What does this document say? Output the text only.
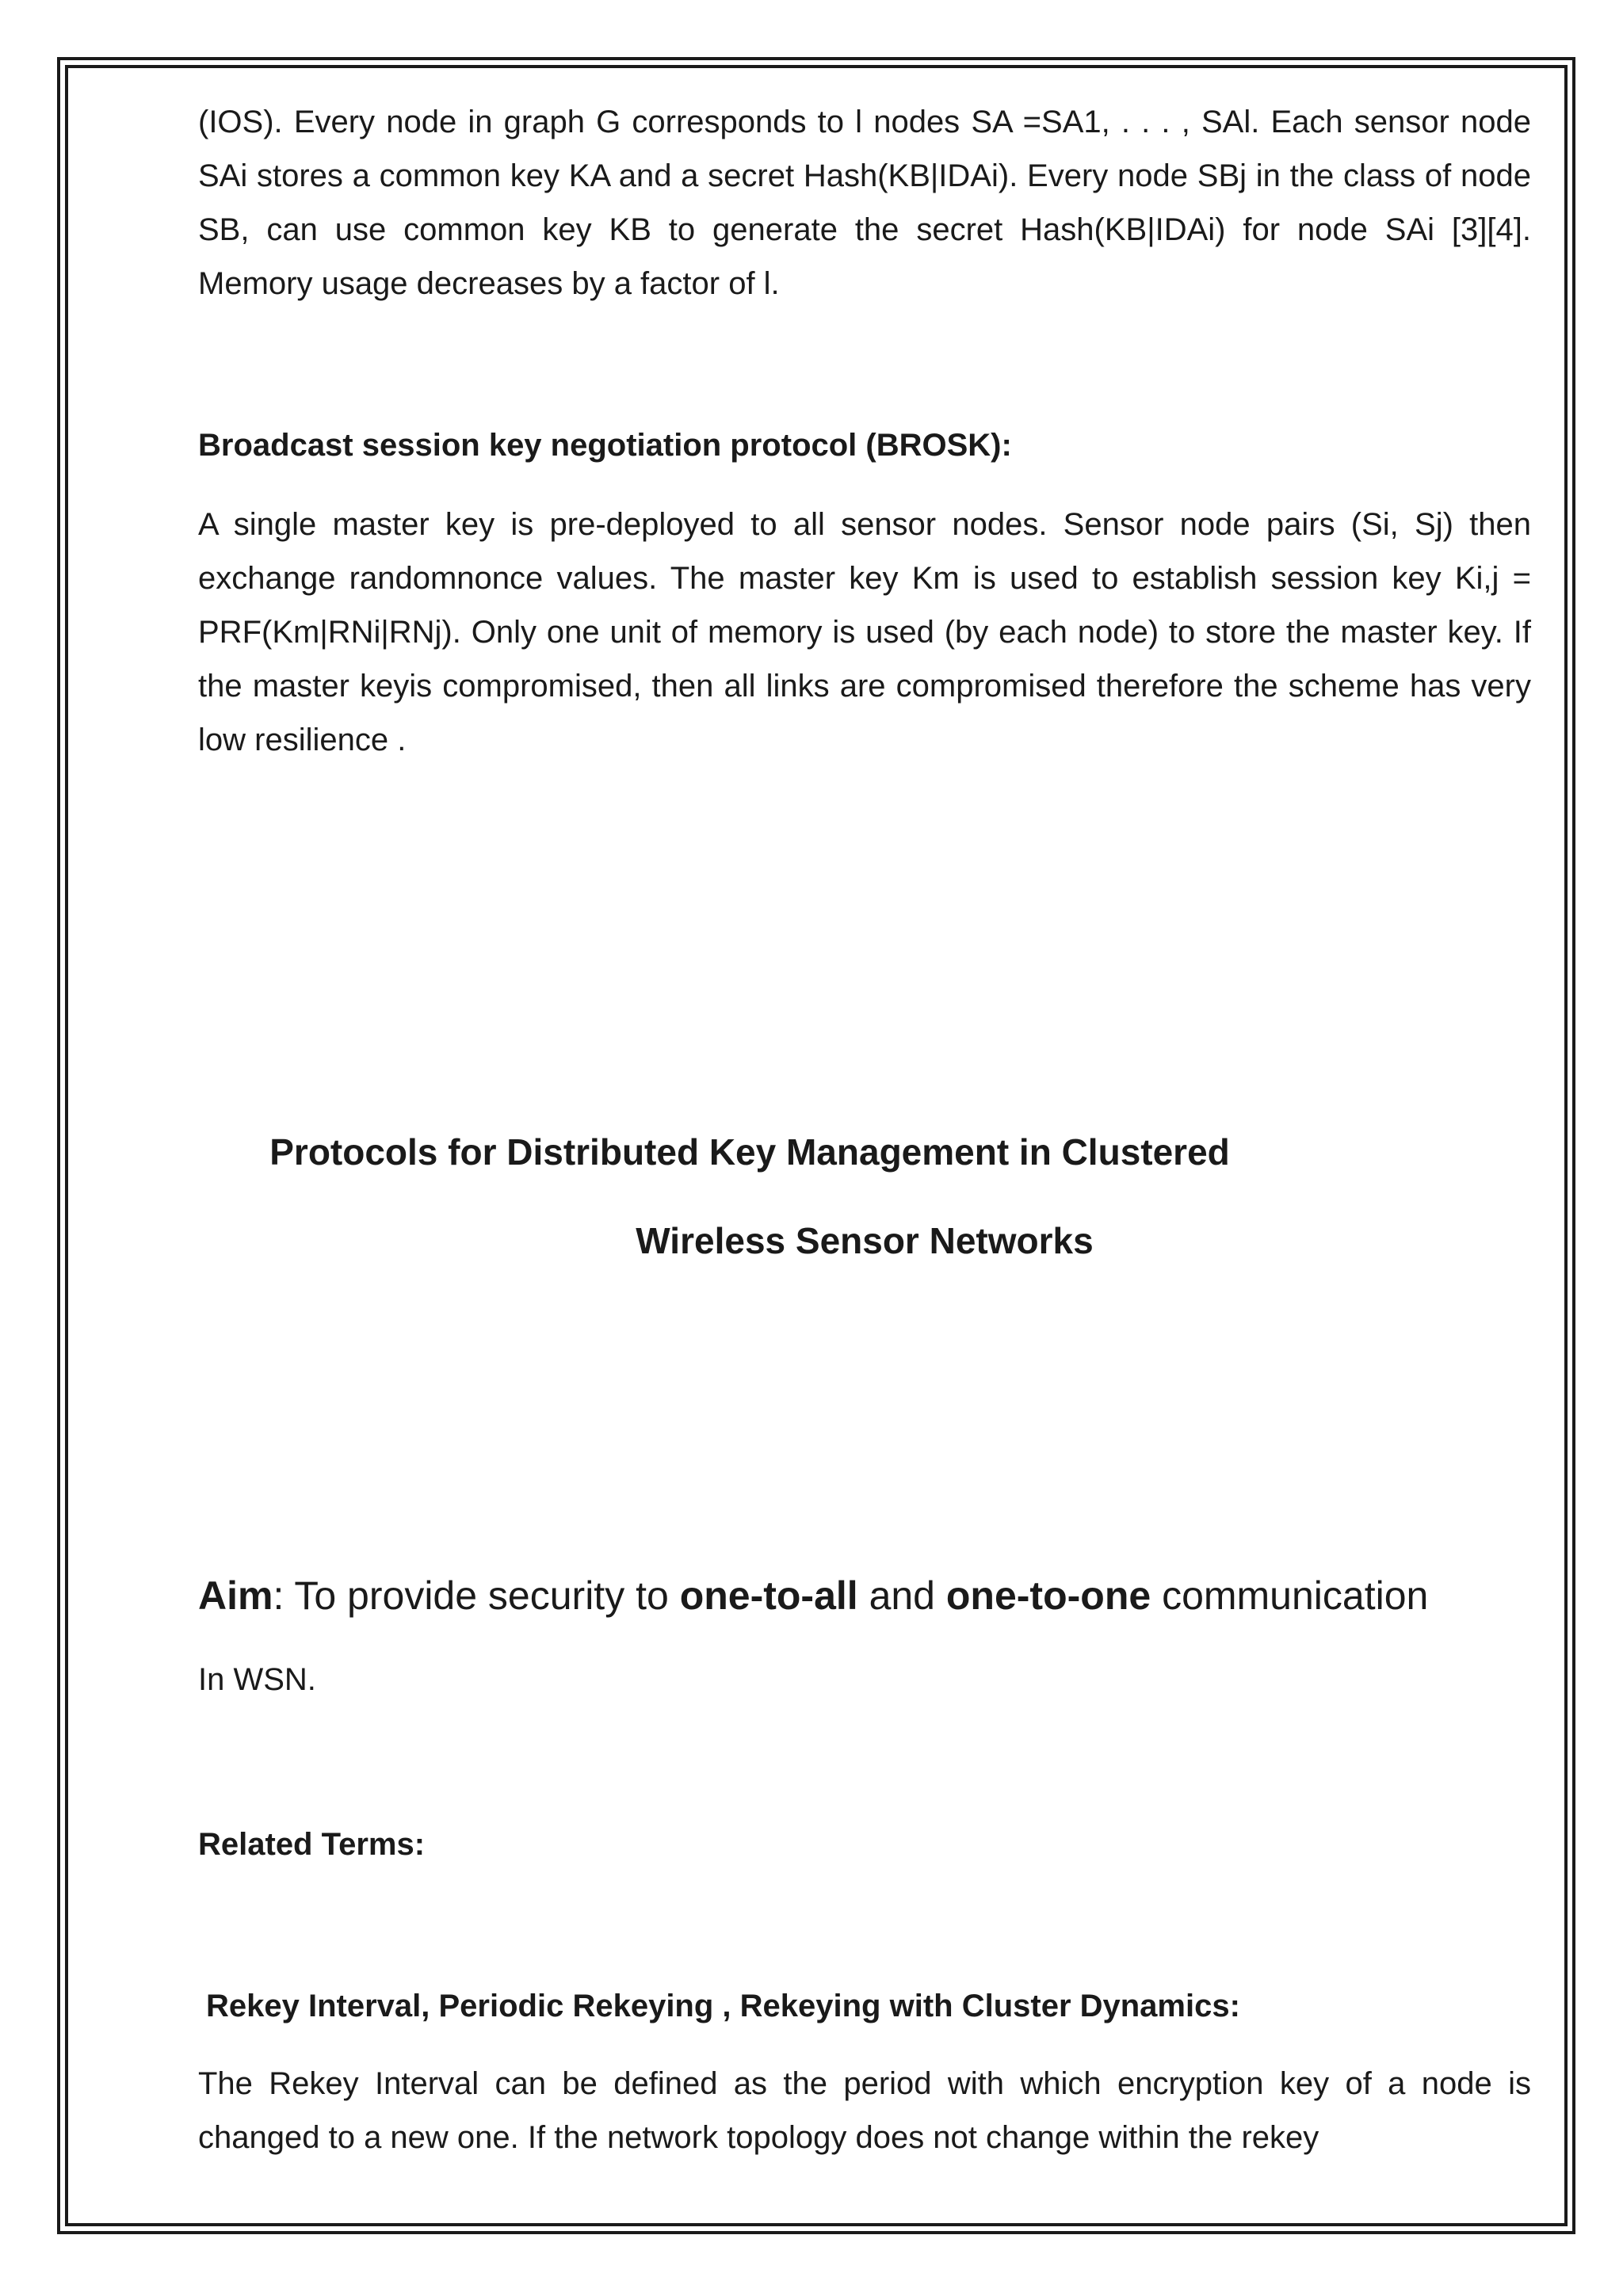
(IOS). Every node in graph G corresponds to l nodes SA =SA1, . . . , SAl. Each sensor node SAi stores a common key KA and a secret Hash(KB|IDAi). Every node SBj in the class of node SB, can use common key KB to generate the secret Hash(KB|IDAi) for node SAi [3][4]. Memory usage decreases by a factor of l.

Broadcast session key negotiation protocol (BROSK):

A single master key is pre-deployed to all sensor nodes. Sensor node pairs (Si, Sj) then exchange randomnonce values. The master key Km is used to establish session key Ki,j = PRF(Km|RNi|RNj). Only one unit of memory is used (by each node) to store the master key. If the master keyis compromised, then all links are compromised therefore the scheme has very low resilience .

Protocols for Distributed Key Management in Clustered

Wireless Sensor Networks

Aim: To provide security to one-to-all and one-to-one communication

In WSN.

Related Terms:

Rekey Interval, Periodic Rekeying , Rekeying with Cluster Dynamics:

The Rekey Interval can be defined as the period with which encryption key of a node is changed to a new one. If the network topology does not change within the rekey
